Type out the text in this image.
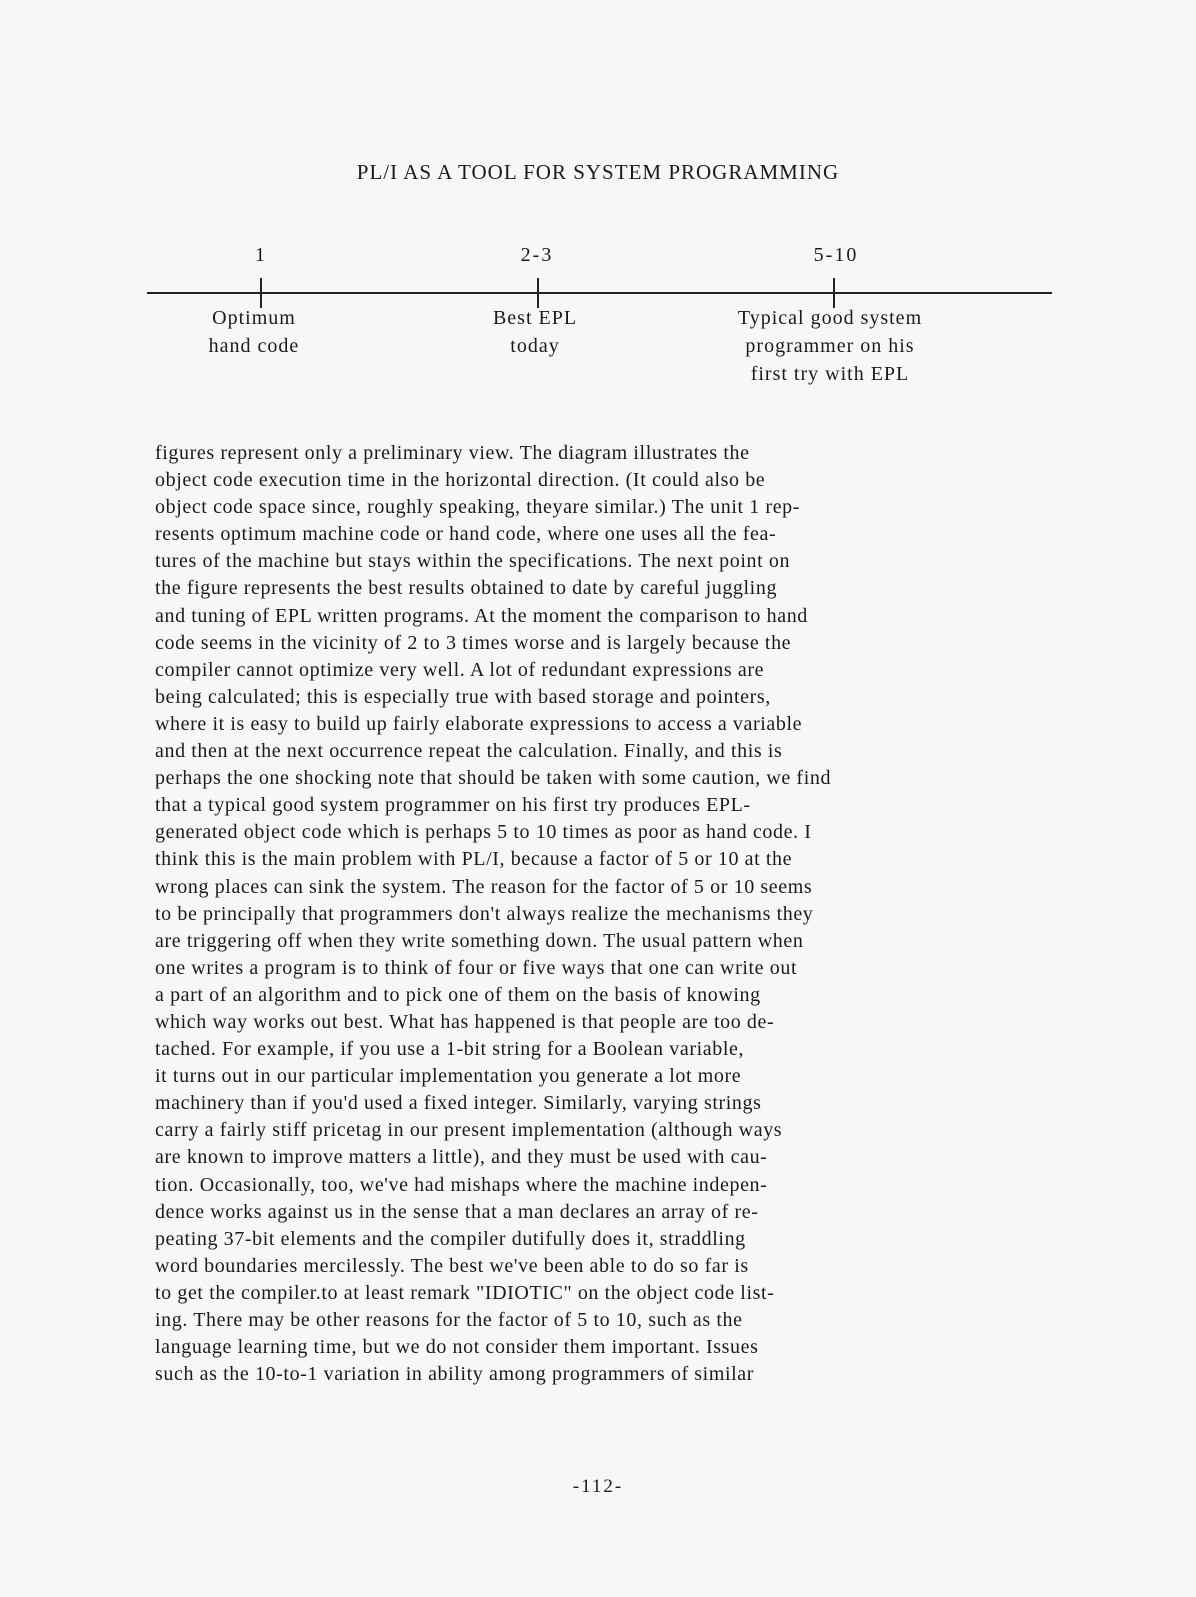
PL/I AS A TOOL FOR SYSTEM PROGRAMMING
1	2-3	5-10
Optimum
hand code
Best EPL
today
Typical good system
programmer on his
first try with EPL
figures represent only a preliminary view. The diagram illustrates the
object code execution time in the horizontal direction. (It could also be
object code space since, roughly speaking, theyare similar.) The unit 1 rep-
resents optimum machine code or hand code, where one uses all the fea-
tures of the machine but stays within the specifications. The next point on
the figure represents the best results obtained to date by careful juggling
and tuning of EPL written programs. At the moment the comparison to hand
code seems in the vicinity of 2 to 3 times worse and is largely because the
compiler cannot optimize very well. A lot of redundant expressions are
being calculated; this is especially true with based storage and pointers,
where it is easy to build up fairly elaborate expressions to access a variable
and then at the next occurrence repeat the calculation. Finally, and this is
perhaps the one shocking note that should be taken with some caution, we find
that a typical good system programmer on his first try produces EPL-
generated object code which is perhaps 5 to 10 times as poor as hand code. I
think this is the main problem with PL/I, because a factor of 5 or 10 at the
wrong places can sink the system. The reason for the factor of 5 or 10 seems
to be principally that programmers don't always realize the mechanisms they
are triggering off when they write something down. The usual pattern when
one writes a program is to think of four or five ways that one can write out
a part of an algorithm and to pick one of them on the basis of knowing
which way works out best. What has happened is that people are too de-
tached. For example, if you use a 1-bit string for a Boolean variable,
it turns out in our particular implementation you generate a lot more
machinery than if you'd used a fixed integer. Similarly, varying strings
carry a fairly stiff pricetag in our present implementation (although ways
are known to improve matters a little), and they must be used with cau-
tion. Occasionally, too, we've had mishaps where the machine indepen-
dence works against us in the sense that a man declares an array of re-
peating 37-bit elements and the compiler dutifully does it, straddling
word boundaries mercilessly. The best we've been able to do so far is
to get the compiler.to at least remark "IDIOTIC" on the object code list-
ing. There may be other reasons for the factor of 5 to 10, such as the
language learning time, but we do not consider them important. Issues
such as the 10-to-1 variation in ability among programmers of similar
-112-
